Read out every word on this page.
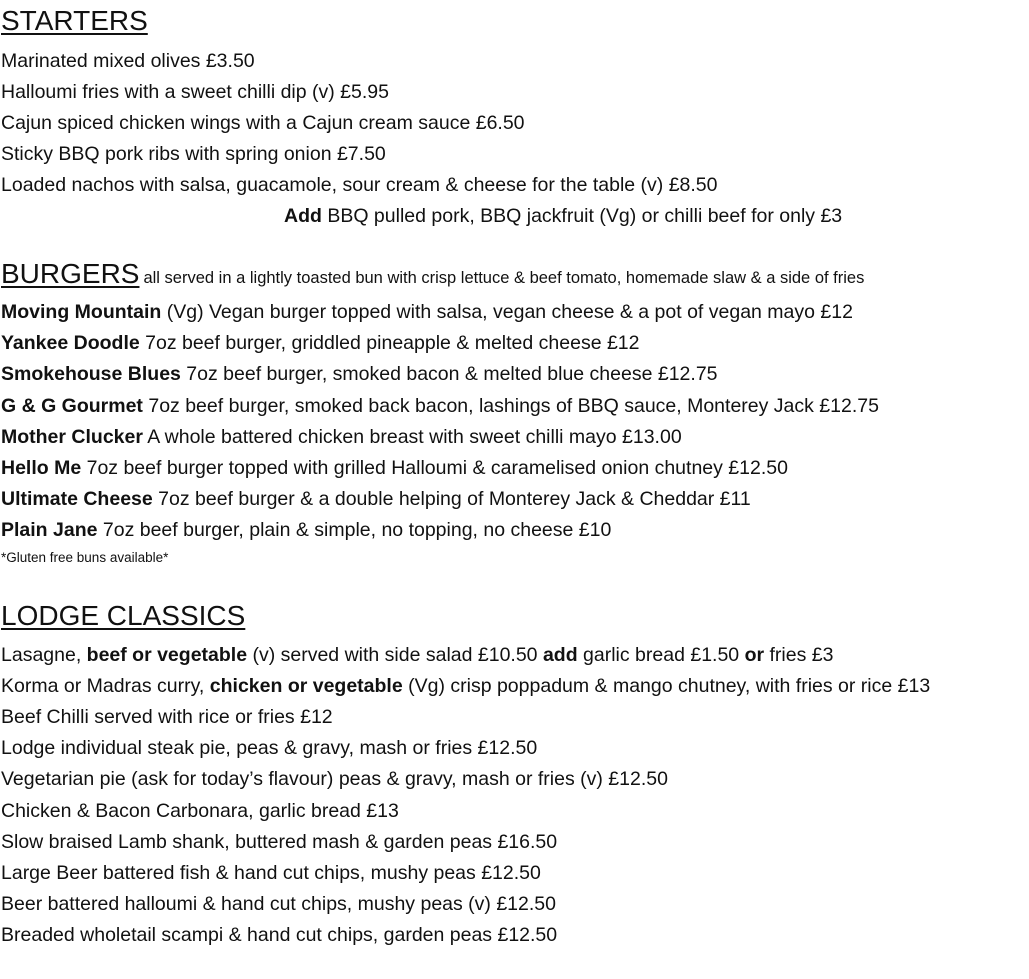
STARTERS
Marinated mixed olives £3.50
Halloumi fries with a sweet chilli dip (v) £5.95
Cajun spiced chicken wings with a Cajun cream sauce £6.50
Sticky BBQ pork ribs with spring onion £7.50
Loaded nachos with salsa, guacamole, sour cream & cheese for the table (v) £8.50
Add BBQ pulled pork, BBQ jackfruit (Vg) or chilli beef for only £3
BURGERS all served in a lightly toasted bun with crisp lettuce & beef tomato, homemade slaw & a side of fries
Moving Mountain (Vg) Vegan burger topped with salsa, vegan cheese & a pot of vegan mayo £12
Yankee Doodle 7oz beef burger, griddled pineapple & melted cheese £12
Smokehouse Blues 7oz beef burger, smoked bacon & melted blue cheese £12.75
G & G Gourmet 7oz beef burger, smoked back bacon, lashings of BBQ sauce, Monterey Jack £12.75
Mother Clucker A whole battered chicken breast with sweet chilli mayo £13.00
Hello Me 7oz beef burger topped with grilled Halloumi & caramelised onion chutney £12.50
Ultimate Cheese 7oz beef burger & a double helping of Monterey Jack & Cheddar £11
Plain Jane 7oz beef burger, plain & simple, no topping, no cheese £10
*Gluten free buns available*
LODGE CLASSICS
Lasagne, beef or vegetable (v) served with side salad £10.50 add garlic bread £1.50 or fries £3
Korma or Madras curry, chicken or vegetable (Vg) crisp poppadum & mango chutney, with fries or rice £13
Beef Chilli served with rice or fries £12
Lodge individual steak pie, peas & gravy, mash or fries £12.50
Vegetarian pie (ask for today’s flavour) peas & gravy, mash or fries (v) £12.50
Chicken & Bacon Carbonara, garlic bread £13
Slow braised Lamb shank, buttered mash & garden peas £16.50
Large Beer battered fish & hand cut chips, mushy peas £12.50
Beer battered halloumi & hand cut chips, mushy peas (v) £12.50
Breaded wholetail scampi & hand cut chips, garden peas £12.50
